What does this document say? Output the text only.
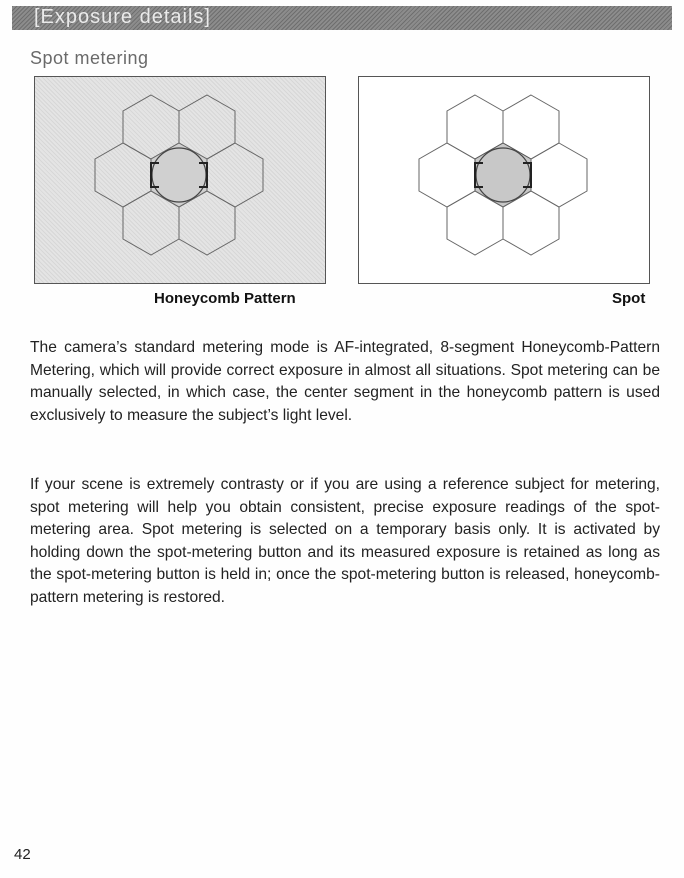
[Exposure details]
Spot metering
Honeycomb Pattern	Spot

The camera’s standard metering mode is AF-integrated, 8-segment Honeycomb-Pattern Metering, which will provide correct exposure in almost all situations. Spot metering can be manually selected, in which case, the center segment in the honeycomb pattern is used exclusively to measure the subject’s light level.

If your scene is extremely contrasty or if you are using a reference subject for metering, spot metering will help you obtain consistent, precise exposure readings of the spot-metering area. Spot metering is selected on a temporary basis only. It is activated by holding down the spot-metering button and its measured exposure is retained as long as the spot-metering button is held in; once the spot-metering button is released, honeycomb-pattern metering is restored.

42
